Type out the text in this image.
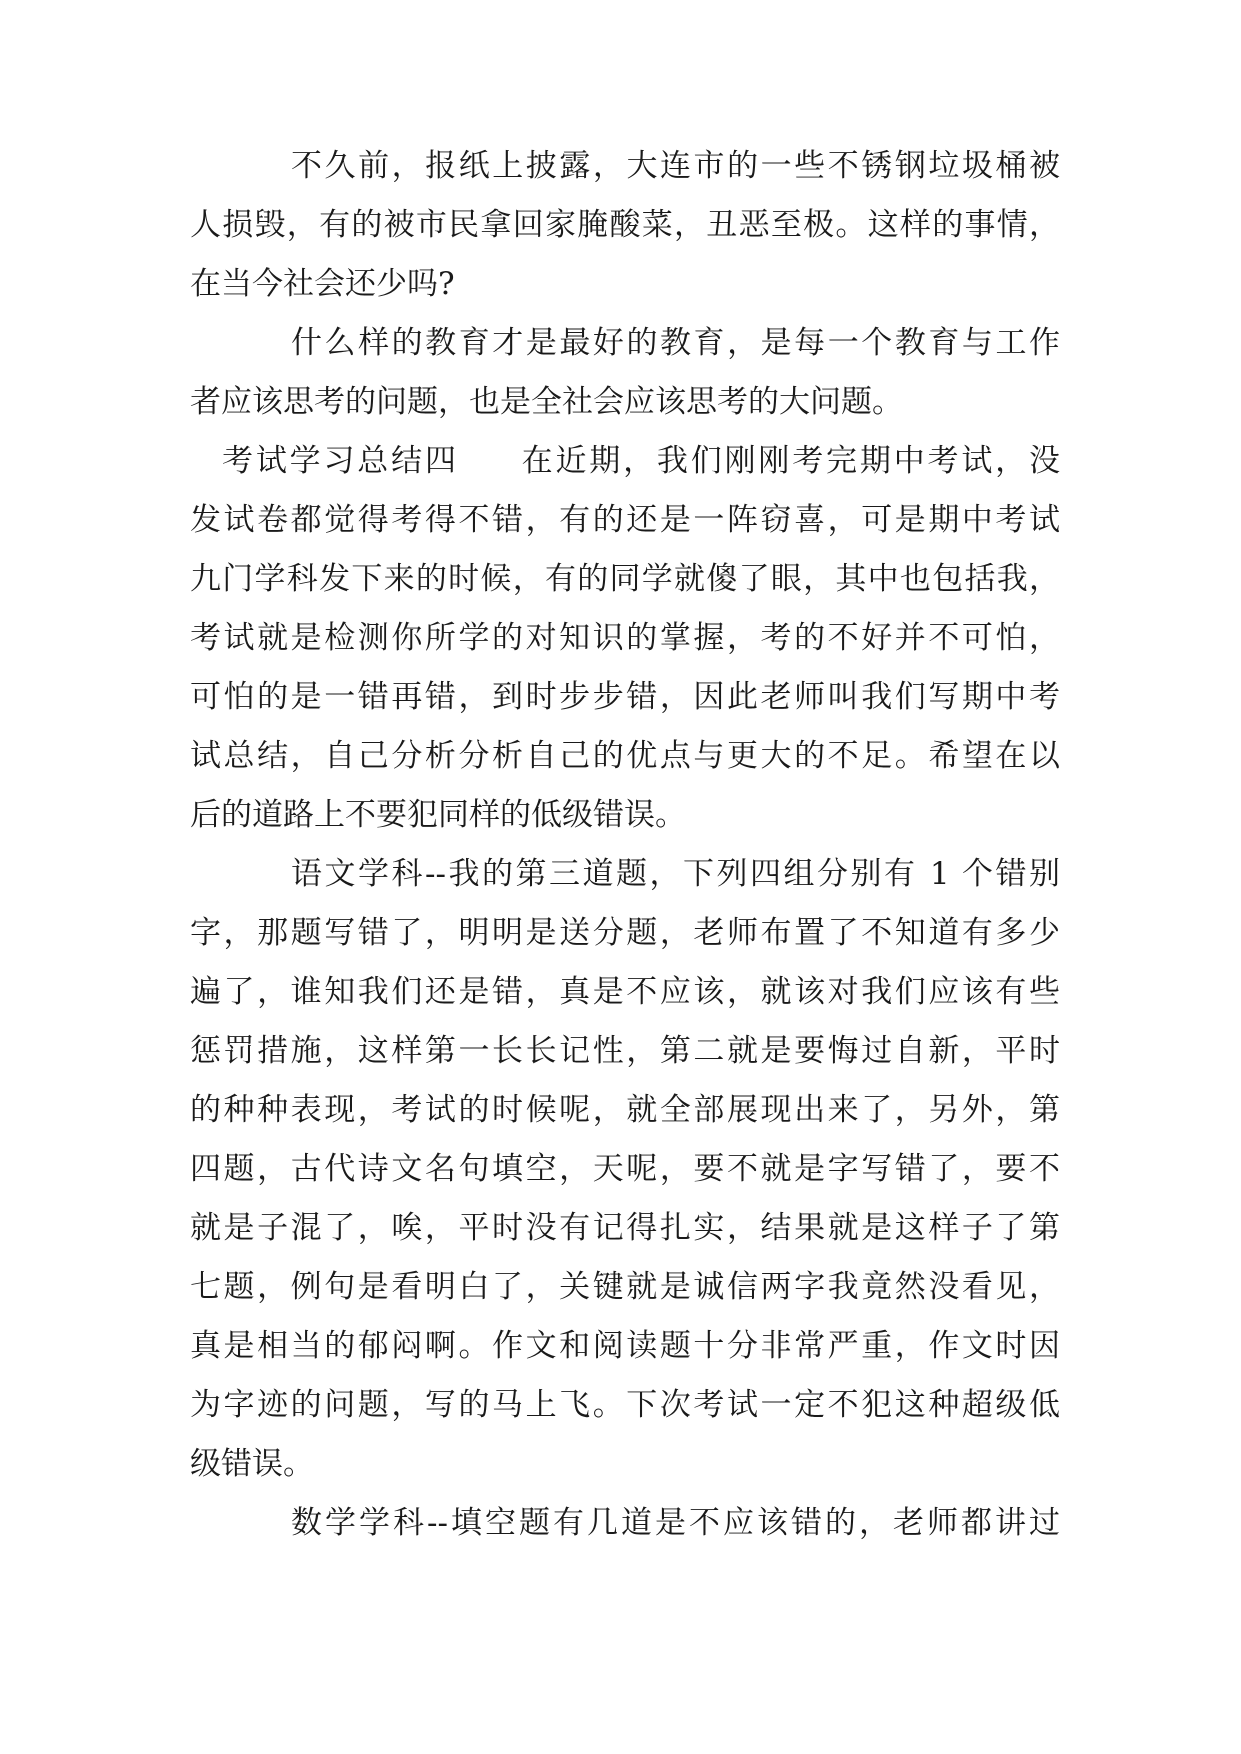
不久前，报纸上披露，大连市的一些不锈钢垃圾桶被

人损毁，有的被市民拿回家腌酸菜，丑恶至极。这样的事情，

在当今社会还少吗?

什么样的教育才是最好的教育，是每一个教育与工作

者应该思考的问题，也是全社会应该思考的大问题。

考试学习总结四 在近期，我们刚刚考完期中考试，没

发试卷都觉得考得不错，有的还是一阵窃喜，可是期中考试

九门学科发下来的时候，有的同学就傻了眼，其中也包括我，

考试就是检测你所学的对知识的掌握，考的不好并不可怕，

可怕的是一错再错，到时步步错，因此老师叫我们写期中考

试总结，自己分析分析自己的优点与更大的不足。希望在以

后的道路上不要犯同样的低级错误。

语文学科--我的第三道题，下列四组分别有 1 个错别

字，那题写错了，明明是送分题，老师布置了不知道有多少

遍了，谁知我们还是错，真是不应该，就该对我们应该有些

惩罚措施，这样第一长长记性，第二就是要悔过自新，平时

的种种表现，考试的时候呢，就全部展现出来了，另外，第

四题，古代诗文名句填空，天呢，要不就是字写错了，要不

就是子混了，唉，平时没有记得扎实，结果就是这样子了第

七题，例句是看明白了，关键就是诚信两字我竟然没看见，

真是相当的郁闷啊。作文和阅读题十分非常严重，作文时因

为字迹的问题，写的马上飞。下次考试一定不犯这种超级低

级错误。

数学学科--填空题有几道是不应该错的，老师都讲过
